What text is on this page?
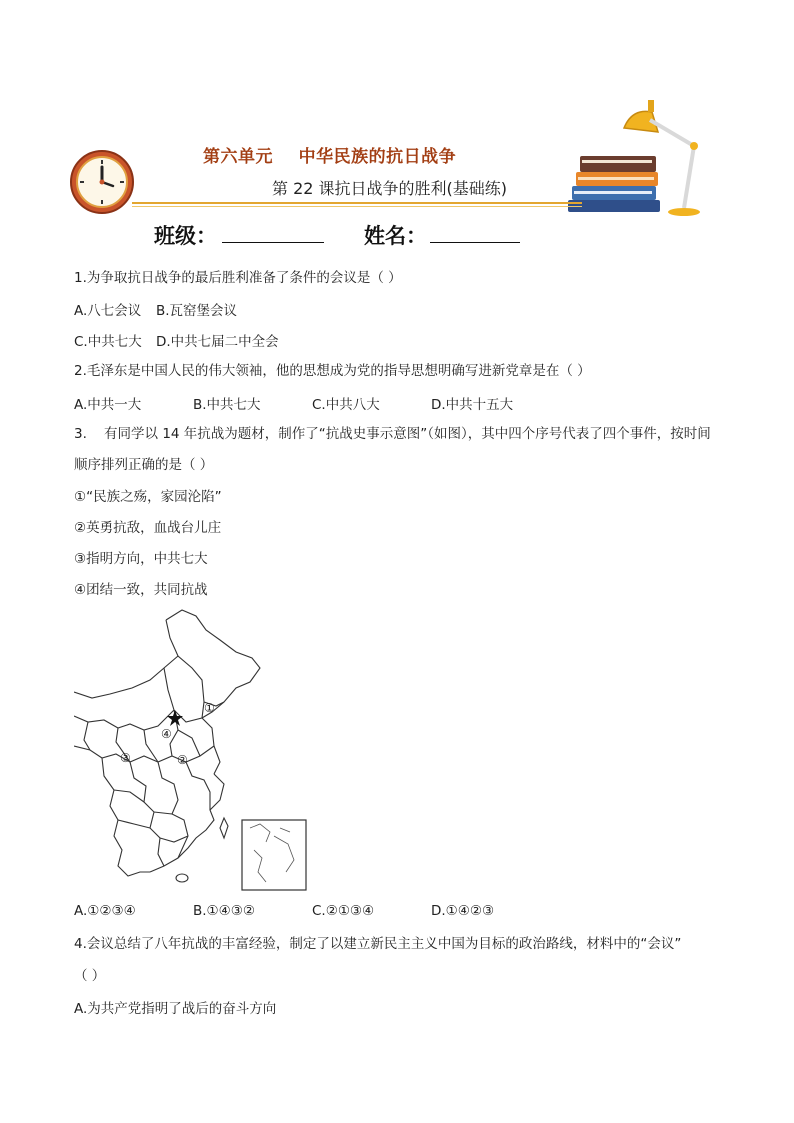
第六单元    中华民族的抗日战争
第 22 课抗日战争的胜利(基础练)
班级：	姓名：
1.为争取抗日战争的最后胜利准备了条件的会议是（ ）
A.八七会议 B.瓦窑堡会议
C.中共七大 D.中共七届二中全会
2.毛泽东是中国人民的伟大领袖，他的思想成为党的指导思想明确写进新党章是在（ ）
A.中共一大	B.中共七大	C.中共八大	D.中共十五大
3.    有同学以 14 年抗战为题材，制作了“抗战史事示意图”（如图），其中四个序号代表了四个事件，按时间
顺序排列正确的是（ ）
①“民族之殇，家园沦陷”
②英勇抗敌，血战台儿庄
③指明方向，中共七大
④团结一致，共同抗战
①
②
③
④
A.①②③④	B.①④③②	C.②①③④	D.①④②③
4.会议总结了八年抗战的丰富经验，制定了以建立新民主主义中国为目标的政治路线，材料中的“会议”
（ ）
A.为共产党指明了战后的奋斗方向
